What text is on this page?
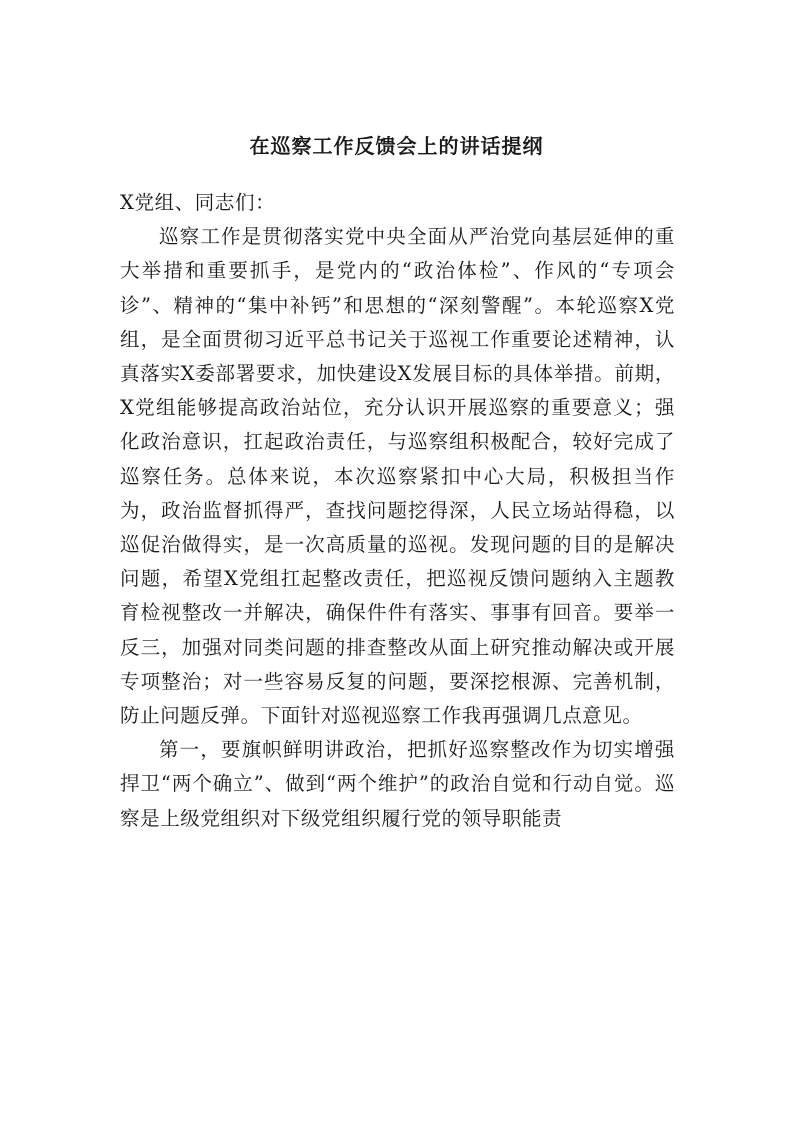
在巡察工作反馈会上的讲话提纲

X党组、同志们：

巡察工作是贯彻落实党中央全面从严治党向基层延伸的重大举措和重要抓手，是党内的“政治体检”、作风的“专项会诊”、精神的“集中补钙”和思想的“深刻警醒”。本轮巡察X党组，是全面贯彻习近平总书记关于巡视工作重要论述精神，认真落实X委部署要求，加快建设X发展目标的具体举措。前期，X党组能够提高政治站位，充分认识开展巡察的重要意义；强化政治意识，扛起政治责任，与巡察组积极配合，较好完成了巡察任务。总体来说，本次巡察紧扣中心大局，积极担当作为，政治监督抓得严，查找问题挖得深，人民立场站得稳，以巡促治做得实，是一次高质量的巡视。发现问题的目的是解决问题，希望X党组扛起整改责任，把巡视反馈问题纳入主题教育检视整改一并解决，确保件件有落实、事事有回音。要举一反三，加强对同类问题的排查整改从面上研究推动解决或开展专项整治；对一些容易反复的问题，要深挖根源、完善机制，防止问题反弹。下面针对巡视巡察工作我再强调几点意见。

第一，要旗帜鲜明讲政治，把抓好巡察整改作为切实增强捍卫“两个确立”、做到“两个维护”的政治自觉和行动自觉。巡察是上级党组织对下级党组织履行党的领导职能责
